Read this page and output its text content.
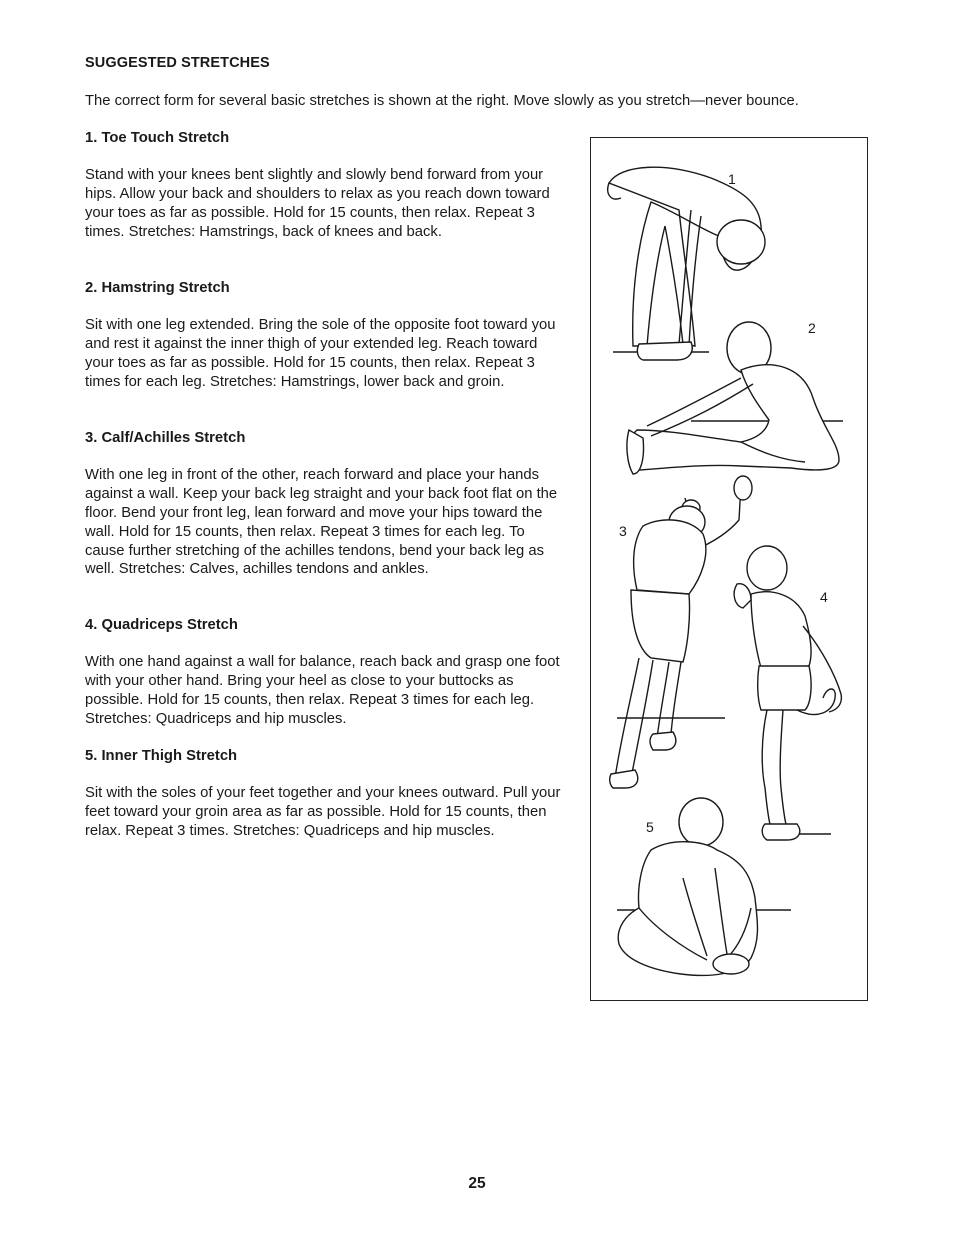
SUGGESTED STRETCHES
The correct form for several basic stretches is shown at the right. Move slowly as you stretch—never bounce.
1. Toe Touch Stretch

Stand with your knees bent slightly and slowly bend forward from your hips. Allow your back and shoulders to relax as you reach down toward your toes as far as possible. Hold for 15 counts, then relax. Repeat 3 times. Stretches: Hamstrings, back of knees and back.

2. Hamstring Stretch

Sit with one leg extended. Bring the sole of the opposite foot toward you and rest it against the inner thigh of your extended leg. Reach toward your toes as far as possible. Hold for 15 counts, then relax. Repeat 3 times for each leg. Stretches: Hamstrings, lower back and groin.

3. Calf/Achilles Stretch

With one leg in front of the other, reach forward and place your hands against a wall. Keep your back leg straight and your back foot flat on the floor. Bend your front leg, lean forward and move your hips toward the wall. Hold for 15 counts, then relax. Repeat 3 times for each leg. To cause further stretching of the achilles tendons, bend your back leg as well. Stretches: Calves, achilles tendons and ankles.

4. Quadriceps Stretch

With one hand against a wall for balance, reach back and grasp one foot with your other hand. Bring your heel as close to your buttocks as possible. Hold for 15 counts, then relax. Repeat 3 times for each leg. Stretches: Quadriceps and hip muscles.

5. Inner Thigh Stretch

Sit with the soles of your feet together and your knees outward. Pull your feet toward your groin area as far as possible. Hold for 15 counts, then relax. Repeat 3 times. Stretches: Quadriceps and hip muscles.

1
2
3
4
5
25
